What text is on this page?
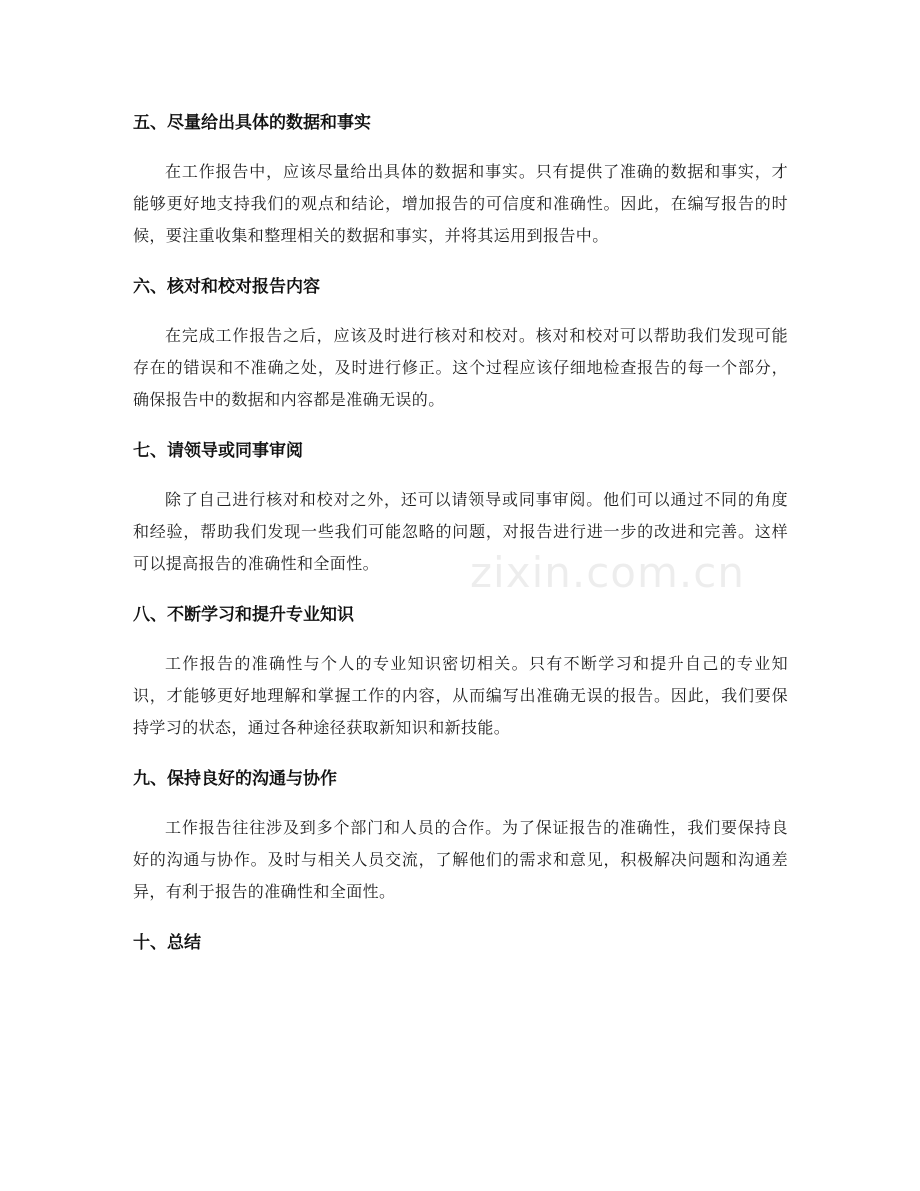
五、尽量给出具体的数据和事实

在工作报告中，应该尽量给出具体的数据和事实。只有提供了准确的数据和事实，才能够更好地支持我们的观点和结论，增加报告的可信度和准确性。因此，在编写报告的时候，要注重收集和整理相关的数据和事实，并将其运用到报告中。

六、核对和校对报告内容

在完成工作报告之后，应该及时进行核对和校对。核对和校对可以帮助我们发现可能存在的错误和不准确之处，及时进行修正。这个过程应该仔细地检查报告的每一个部分，确保报告中的数据和内容都是准确无误的。

七、请领导或同事审阅

除了自己进行核对和校对之外，还可以请领导或同事审阅。他们可以通过不同的角度和经验，帮助我们发现一些我们可能忽略的问题，对报告进行进一步的改进和完善。这样可以提高报告的准确性和全面性。

八、不断学习和提升专业知识

工作报告的准确性与个人的专业知识密切相关。只有不断学习和提升自己的专业知识，才能够更好地理解和掌握工作的内容，从而编写出准确无误的报告。因此，我们要保持学习的状态，通过各种途径获取新知识和新技能。

九、保持良好的沟通与协作

工作报告往往涉及到多个部门和人员的合作。为了保证报告的准确性，我们要保持良好的沟通与协作。及时与相关人员交流，了解他们的需求和意见，积极解决问题和沟通差异，有利于报告的准确性和全面性。

十、总结
zixin.com.cn
